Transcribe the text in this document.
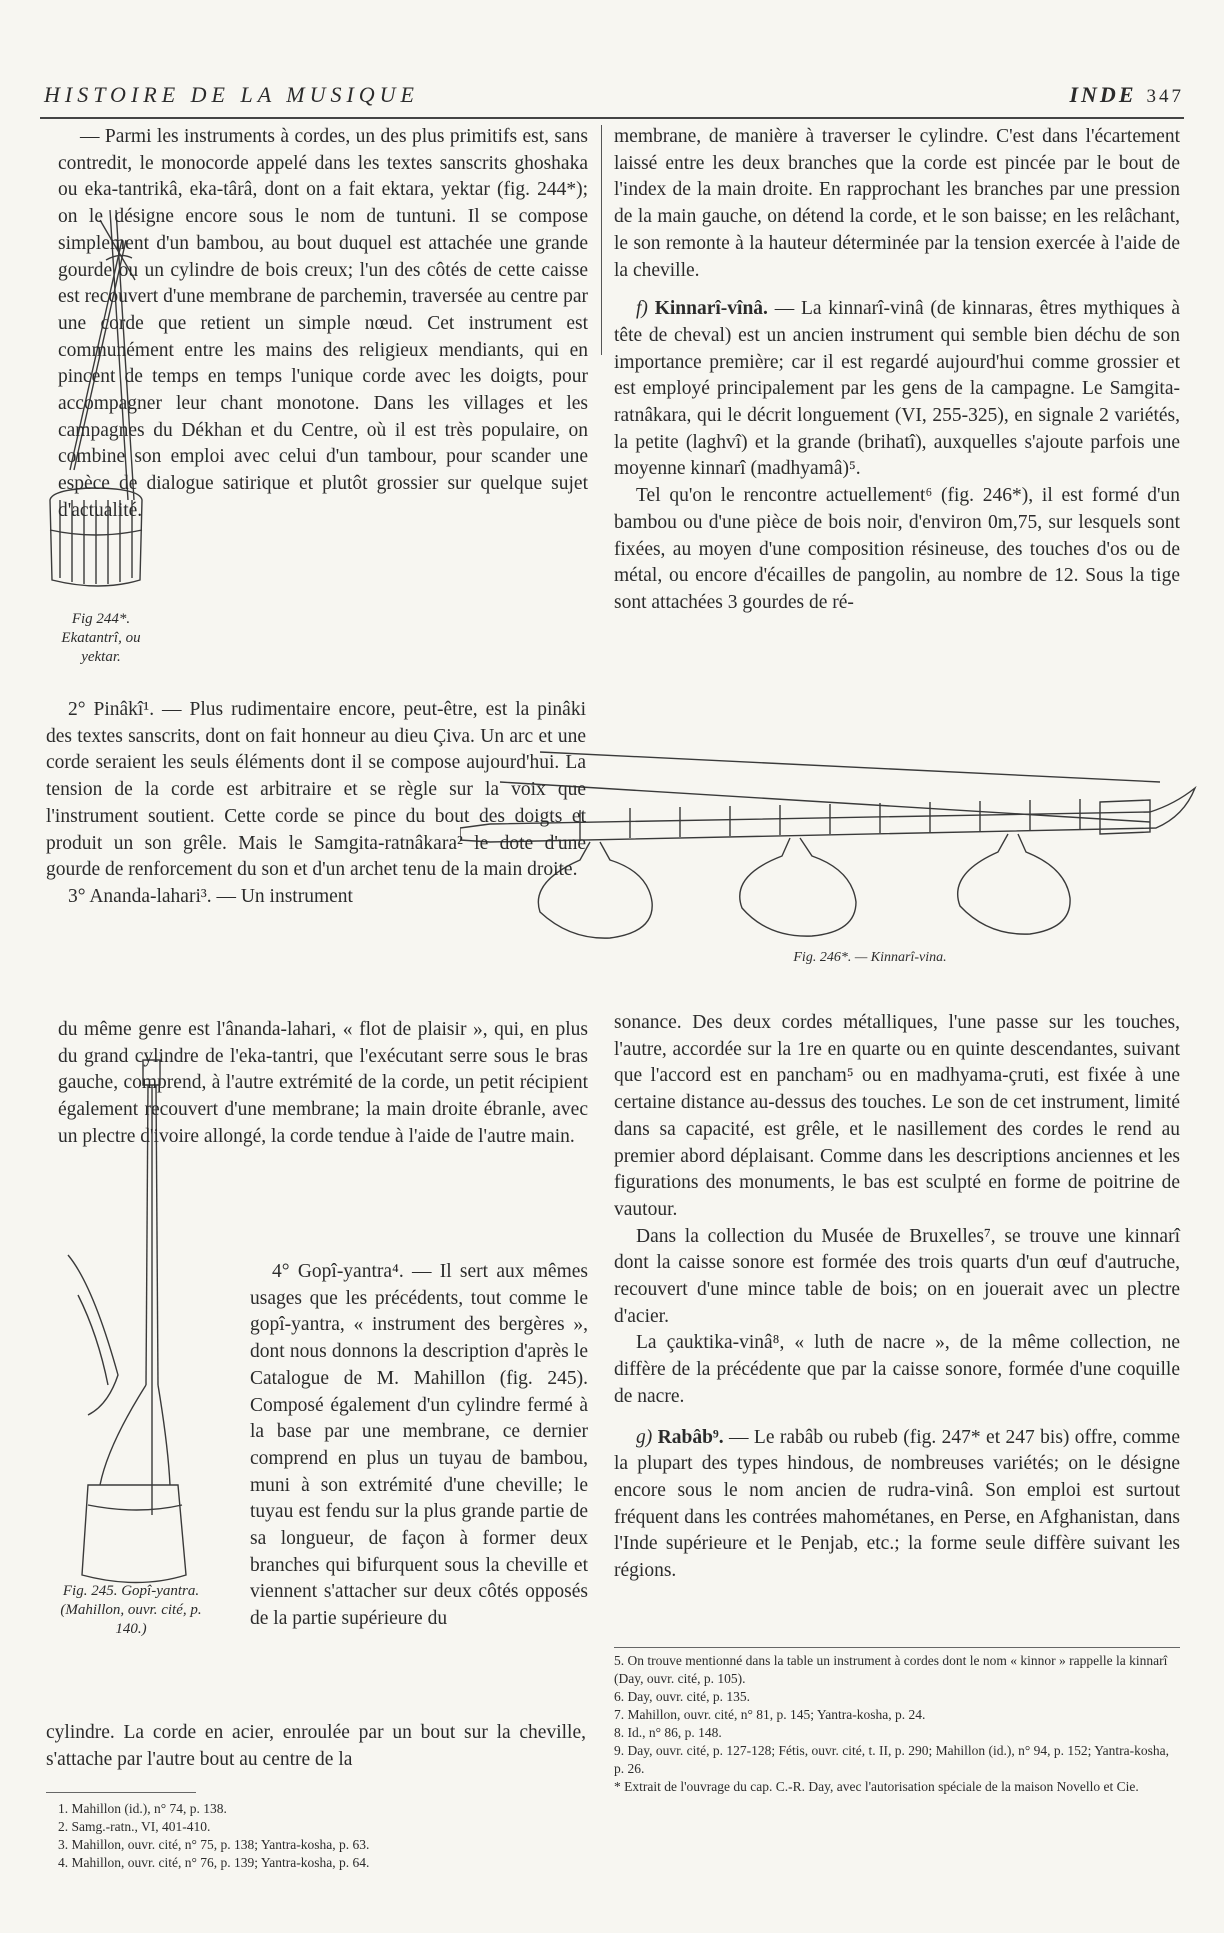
HISTOIRE DE LA MUSIQUE	INDE 347
Fig 244*. Ekatantrî, ou yektar.
Fig. 245. Gopî-yantra. (Mahillon, ouvr. cité, p. 140.)
Fig. 246*. — Kinnarî-vina.

— Parmi les instruments à cordes, un des plus primitifs est, sans contredit, le monocorde appelé dans les textes sanscrits ghoshaka ou eka-tantrikâ, eka-târâ, dont on a fait ektara, yektar (fig. 244*); on le désigne encore sous le nom de tuntuni. Il se compose simplement d'un bambou, au bout duquel est attachée une grande gourde ou un cylindre de bois creux; l'un des côtés de cette caisse est recouvert d'une membrane de parchemin, traversée au centre par une corde que retient un simple nœud. Cet instrument est communément entre les mains des religieux mendiants, qui en pincent de temps en temps l'unique corde avec les doigts, pour accompagner leur chant monotone. Dans les villages et les campagnes du Dékhan et du Centre, où il est très populaire, on combine son emploi avec celui d'un tambour, pour scander une espèce de dialogue satirique et plutôt grossier sur quelque sujet d'actualité.

2° Pinâkî¹. — Plus rudimentaire encore, peut-être, est la pinâki des textes sanscrits, dont on fait honneur au dieu Çiva. Un arc et une corde seraient les seuls éléments dont il se compose aujourd'hui. La tension de la corde est arbitraire et se règle sur la voix que l'instrument soutient. Cette corde se pince du bout des doigts et produit un son grêle. Mais le Samgita-ratnâkara² le dote d'une gourde de renforcement du son et d'un archet tenu de la main droite.

3° Ananda-lahari³. — Un instrument

du même genre est l'ânanda-lahari, « flot de plaisir », qui, en plus du grand cylindre de l'eka-tantri, que l'exécutant serre sous le bras gauche, comprend, à l'autre extrémité de la corde, un petit récipient également recouvert d'une membrane; la main droite ébranle, avec un plectre d'ivoire allongé, la corde tendue à l'aide de l'autre main.

4° Gopî-yantra⁴. — Il sert aux mêmes usages que les précédents, tout comme le gopî-yantra, « instrument des bergères », dont nous donnons la description d'après le Catalogue de M. Mahillon (fig. 245). Composé également d'un cylindre fermé à la base par une membrane, ce dernier comprend en plus un tuyau de bambou, muni à son extrémité d'une cheville; le tuyau est fendu sur la plus grande partie de sa longueur, de façon à former deux branches qui bifurquent sous la cheville et viennent s'attacher sur deux côtés opposés de la partie supérieure du

cylindre. La corde en acier, enroulée par un bout sur la cheville, s'attache par l'autre bout au centre de la

1. Mahillon (id.), n° 74, p. 138.

2. Samg.-ratn., VI, 401-410.

3. Mahillon, ouvr. cité, n° 75, p. 138; Yantra-kosha, p. 63.

4. Mahillon, ouvr. cité, n° 76, p. 139; Yantra-kosha, p. 64.

membrane, de manière à traverser le cylindre. C'est dans l'écartement laissé entre les deux branches que la corde est pincée par le bout de l'index de la main droite. En rapprochant les branches par une pression de la main gauche, on détend la corde, et le son baisse; en les relâchant, le son remonte à la hauteur déterminée par la tension exercée à l'aide de la cheville.

f) Kinnarî-vînâ. — La kinnarî-vinâ (de kinnaras, êtres mythiques à tête de cheval) est un ancien instrument qui semble bien déchu de son importance première; car il est regardé aujourd'hui comme grossier et est employé principalement par les gens de la campagne. Le Samgita-ratnâkara, qui le décrit longuement (VI, 255-325), en signale 2 variétés, la petite (laghvî) et la grande (brihatî), auxquelles s'ajoute parfois une moyenne kinnarî (madhyamâ)⁵.

Tel qu'on le rencontre actuellement⁶ (fig. 246*), il est formé d'un bambou ou d'une pièce de bois noir, d'environ 0m,75, sur lesquels sont fixées, au moyen d'une composition résineuse, des touches d'os ou de métal, ou encore d'écailles de pangolin, au nombre de 12. Sous la tige sont attachées 3 gourdes de ré-

sonance. Des deux cordes métalliques, l'une passe sur les touches, l'autre, accordée sur la 1re en quarte ou en quinte descendantes, suivant que l'accord est en pancham⁵ ou en madhyama-çruti, est fixée à une certaine distance au-dessus des touches. Le son de cet instrument, limité dans sa capacité, est grêle, et le nasillement des cordes le rend au premier abord déplaisant. Comme dans les descriptions anciennes et les figurations des monuments, le bas est sculpté en forme de poitrine de vautour.

Dans la collection du Musée de Bruxelles⁷, se trouve une kinnarî dont la caisse sonore est formée des trois quarts d'un œuf d'autruche, recouvert d'une mince table de bois; on en jouerait avec un plectre d'acier.

La çauktika-vinâ⁸, « luth de nacre », de la même collection, ne diffère de la précédente que par la caisse sonore, formée d'une coquille de nacre.

g) Rabâb⁹. — Le rabâb ou rubeb (fig. 247* et 247 bis) offre, comme la plupart des types hindous, de nombreuses variétés; on le désigne encore sous le nom ancien de rudra-vinâ. Son emploi est surtout fréquent dans les contrées mahométanes, en Perse, en Afghanistan, dans l'Inde supérieure et le Penjab, etc.; la forme seule diffère suivant les régions.

5. On trouve mentionné dans la table un instrument à cordes dont le nom « kinnor » rappelle la kinnarî (Day, ouvr. cité, p. 105).

6. Day, ouvr. cité, p. 135.

7. Mahillon, ouvr. cité, n° 81, p. 145; Yantra-kosha, p. 24.

8. Id., n° 86, p. 148.

9. Day, ouvr. cité, p. 127-128; Fétis, ouvr. cité, t. II, p. 290; Mahillon (id.), n° 94, p. 152; Yantra-kosha, p. 26.

* Extrait de l'ouvrage du cap. C.-R. Day, avec l'autorisation spéciale de la maison Novello et Cie.
